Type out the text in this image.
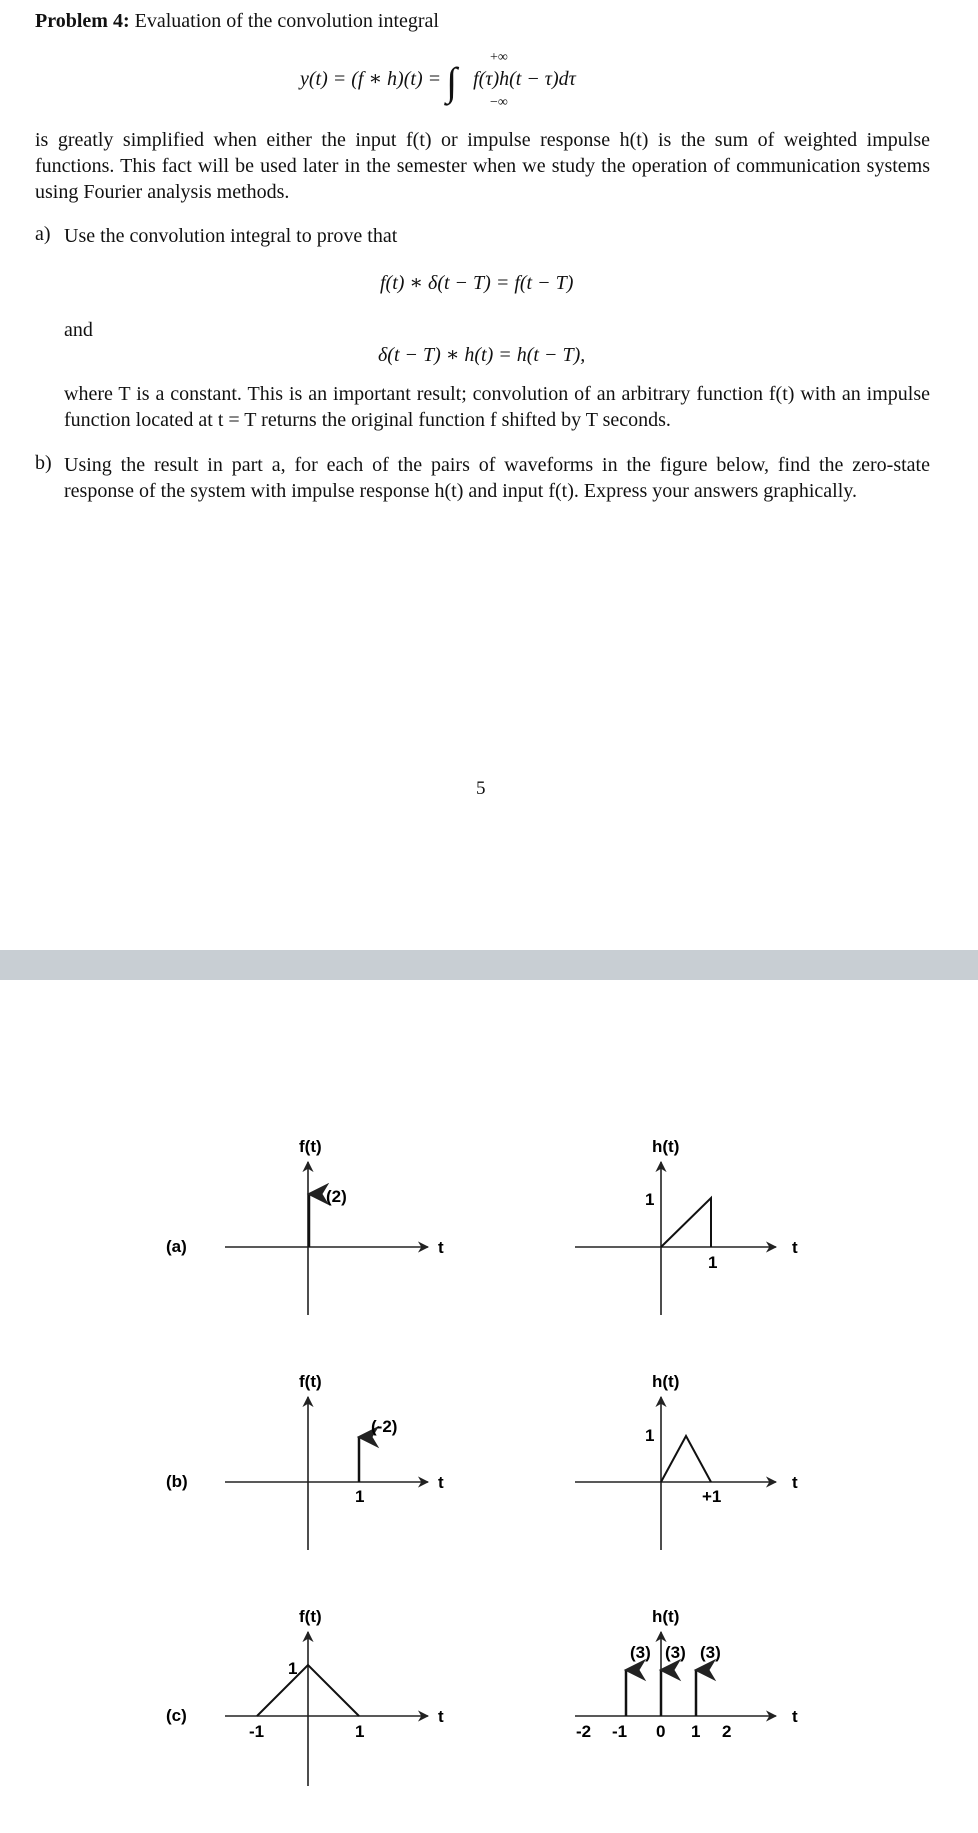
Problem 4: Evaluation of the convolution integral
y(t) = (f ∗ h)(t) = ∫ f(τ)h(t − τ)dτ
+∞
−∞
is greatly simplified when either the input f(t) or impulse response h(t) is the sum of weighted impulse functions. This fact will be used later in the semester when we study the operation of communication systems using Fourier analysis methods.
a) Use the convolution integral to prove that
f(t) ∗ δ(t − T) = f(t − T)
and
δ(t − T) ∗ h(t) = h(t − T),
where T is a constant. This is an important result; convolution of an arbitrary function f(t) with an impulse function located at t = T returns the original function f shifted by T seconds.
b) Using the result in part a, for each of the pairs of waveforms in the figure below, find the zero-state response of the system with impulse response h(t) and input f(t). Express your answers graphically.
5
(a)
f(t)
t
(2)
h(t)
t
1
1
(b)
f(t)
t
(-2)
1
h(t)
t
1
+1
(c)
f(t)
t
1
-1	1
h(t)
t
(3) (3) (3)
-2 -1 0 1 2
